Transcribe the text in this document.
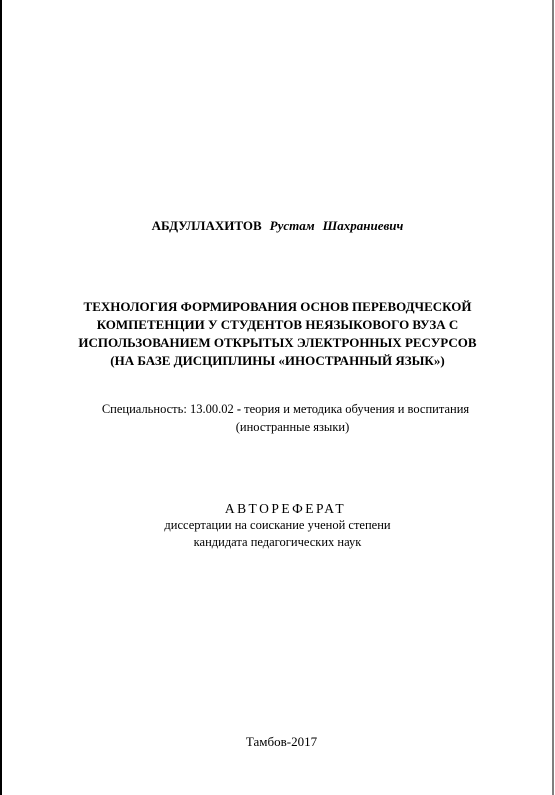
АБДУЛЛАХИТОВ Рустам Шахраниевич
ТЕХНОЛОГИЯ ФОРМИРОВАНИЯ ОСНОВ ПЕРЕВОДЧЕСКОЙ
КОМПЕТЕНЦИИ У СТУДЕНТОВ НЕЯЗЫКОВОГО ВУЗА С
ИСПОЛЬЗОВАНИЕМ ОТКРЫТЫХ ЭЛЕКТРОННЫХ РЕСУРСОВ
(НА БАЗЕ ДИСЦИПЛИНЫ «ИНОСТРАННЫЙ ЯЗЫК»)
Специальность: 13.00.02 - теория и методика обучения и воспитания
(иностранные языки)
АВТОРЕФЕРАТ
диссертации на соискание ученой степени
кандидата педагогических наук
Тамбов-2017
